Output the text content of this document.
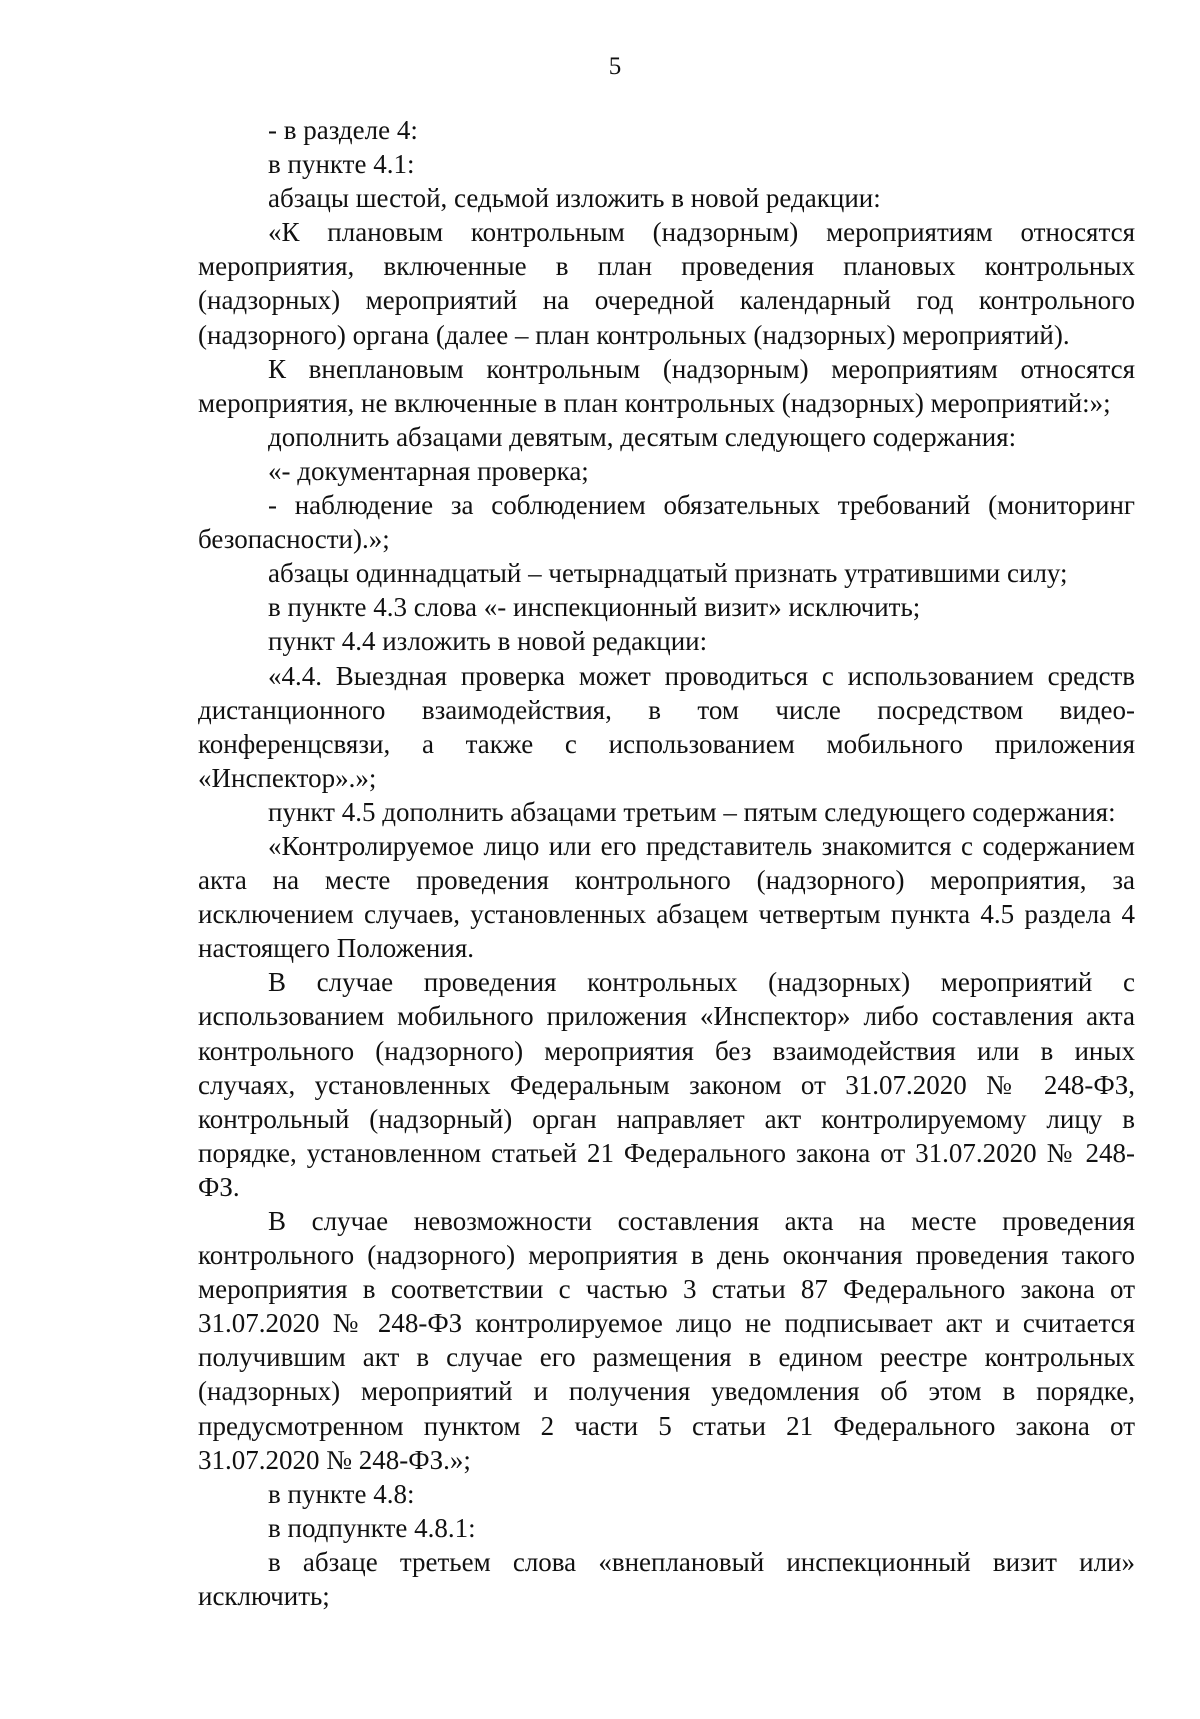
5

- в разделе 4:

в пункте 4.1:

абзацы шестой, седьмой изложить в новой редакции:

«К плановым контрольным (надзорным) мероприятиям относятся мероприятия, включенные в план проведения плановых контрольных (надзорных) мероприятий на очередной календарный год контрольного (надзорного) органа (далее – план контрольных (надзорных) мероприятий).

К внеплановым контрольным (надзорным) мероприятиям относятся мероприятия, не включенные в план контрольных (надзорных) мероприятий:»;

дополнить абзацами девятым, десятым следующего содержания:

«- документарная проверка;

- наблюдение за соблюдением обязательных требований (мониторинг безопасности).»;

абзацы одиннадцатый – четырнадцатый признать утратившими силу;

в пункте 4.3 слова «- инспекционный визит» исключить;

пункт 4.4 изложить в новой редакции:

«4.4. Выездная проверка может проводиться с использованием средств дистанционного взаимодействия, в том числе посредством видео-конференцсвязи, а также с использованием мобильного приложения «Инспектор».»;

пункт 4.5 дополнить абзацами третьим – пятым следующего содержания:

«Контролируемое лицо или его представитель знакомится с содержанием акта на месте проведения контрольного (надзорного) мероприятия, за исключением случаев, установленных абзацем четвертым пункта 4.5 раздела 4 настоящего Положения.

В случае проведения контрольных (надзорных) мероприятий с использованием мобильного приложения «Инспектор» либо составления акта контрольного (надзорного) мероприятия без взаимодействия или в иных случаях, установленных Федеральным законом от 31.07.2020 № 248-ФЗ, контрольный (надзорный) орган направляет акт контролируемому лицу в порядке, установленном статьей 21 Федерального закона от 31.07.2020 № 248-ФЗ.

В случае невозможности составления акта на месте проведения контрольного (надзорного) мероприятия в день окончания проведения такого мероприятия в соответствии с частью 3 статьи 87 Федерального закона от 31.07.2020 № 248-ФЗ контролируемое лицо не подписывает акт и считается получившим акт в случае его размещения в едином реестре контрольных (надзорных) мероприятий и получения уведомления об этом в порядке, предусмотренном пунктом 2 части 5 статьи 21 Федерального закона от 31.07.2020 № 248-ФЗ.»;

в пункте 4.8:

в подпункте 4.8.1:

в абзаце третьем слова «внеплановый инспекционный визит или» исключить;
